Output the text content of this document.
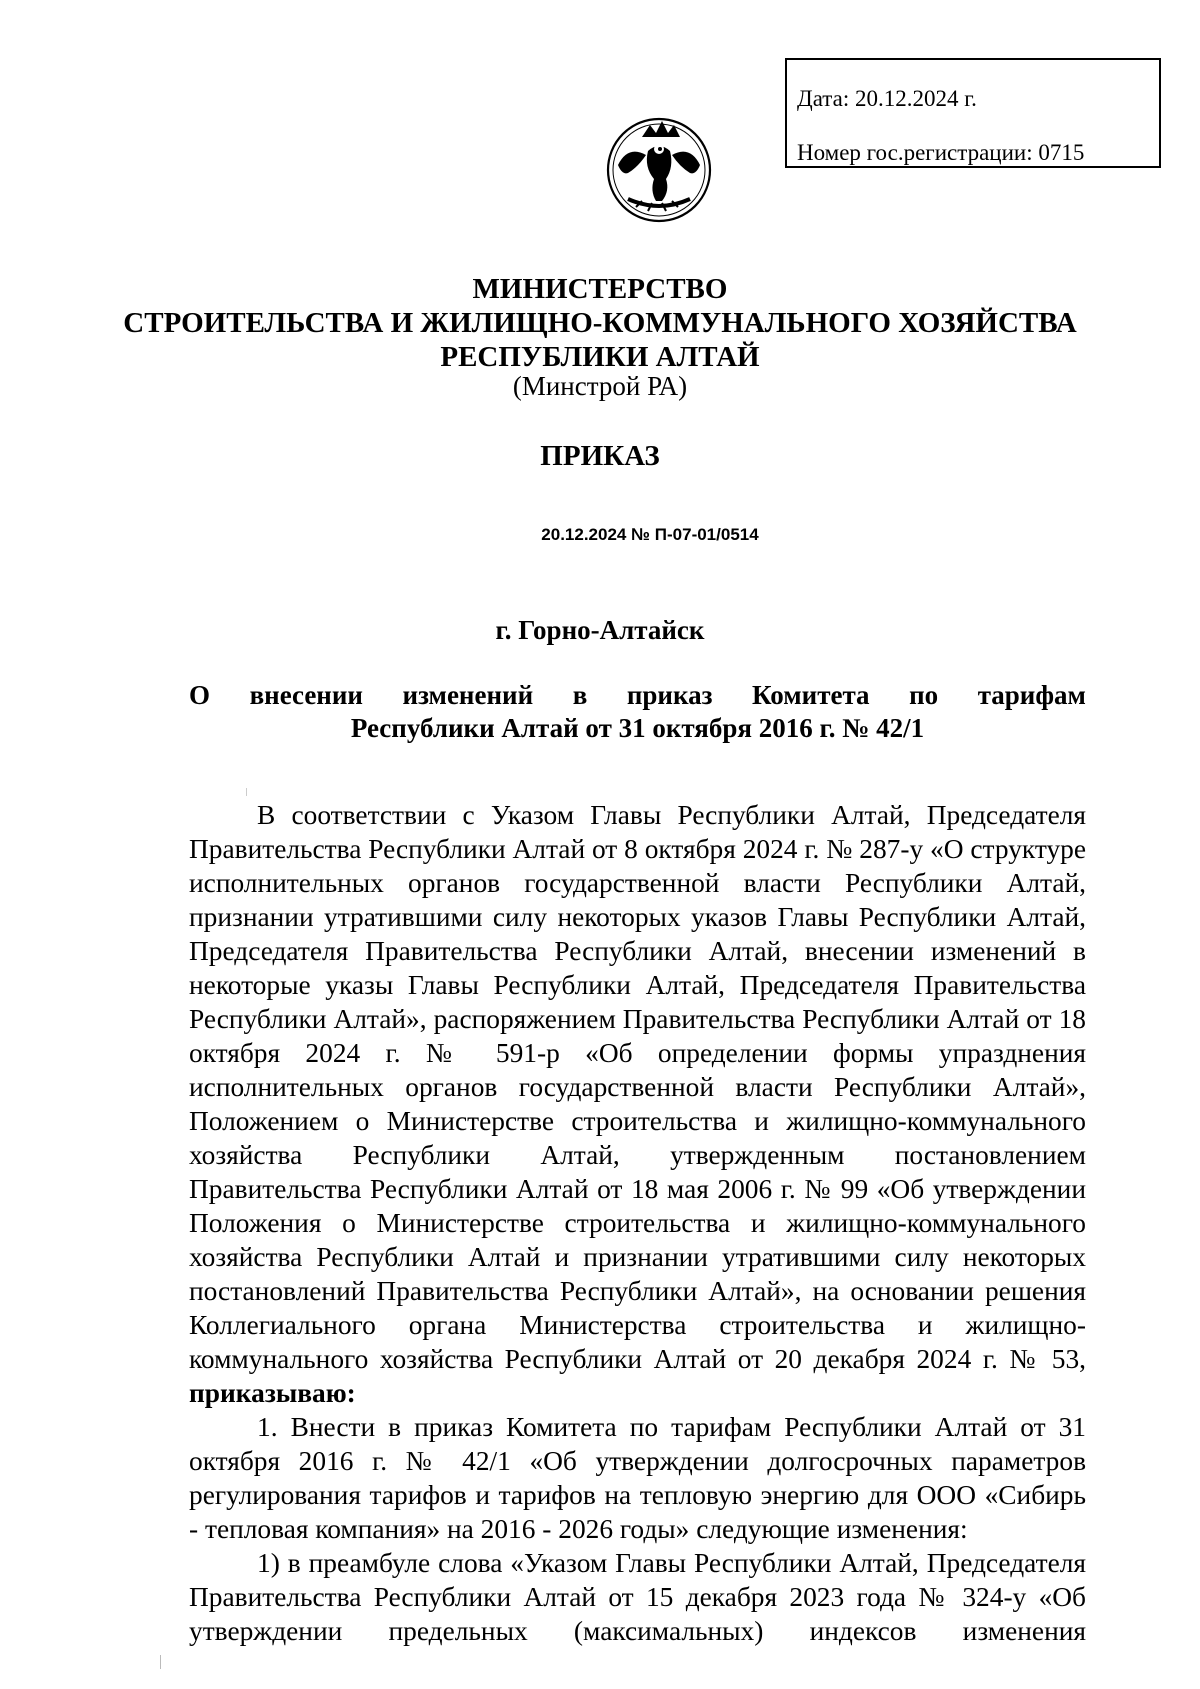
Дата: 20.12.2024 г.
Номер гос.регистрации: 0715
МИНИСТЕРСТВО
СТРОИТЕЛЬСТВА И ЖИЛИЩНО-КОММУНАЛЬНОГО ХОЗЯЙСТВА
РЕСПУБЛИКИ АЛТАЙ
(Минстрой РА)
ПРИКАЗ
20.12.2024 № П-07-01/0514
г. Горно-Алтайск
О внесении изменений в приказ Комитета по тарифам
Республики Алтай от 31 октября 2016 г. № 42/1

В соответствии с Указом Главы Республики Алтай, Председателя Правительства Республики Алтай от 8 октября 2024 г. № 287-у «О структуре исполнительных органов государственной власти Республики Алтай, признании утратившими силу некоторых указов Главы Республики Алтай, Председателя Правительства Республики Алтай, внесении изменений в некоторые указы Главы Республики Алтай, Председателя Правительства Республики Алтай», распоряжением Правительства Республики Алтай от 18 октября 2024 г. № 591-р «Об определении формы упразднения исполнительных органов государственной власти Республики Алтай», Положением о Министерстве строительства и жилищно-коммунального хозяйства Республики Алтай, утвержденным постановлением Правительства Республики Алтай от 18 мая 2006 г. № 99 «Об утверждении Положения о Министерстве строительства и жилищно-коммунального хозяйства Республики Алтай и признании утратившими силу некоторых постановлений Правительства Республики Алтай», на основании решения Коллегиального органа Министерства строительства и жилищно-коммунального хозяйства Республики Алтай от 20 декабря 2024 г. № 53, приказываю:

1. Внести в приказ Комитета по тарифам Республики Алтай от 31 октября 2016 г. № 42/1 «Об утверждении долгосрочных параметров регулирования тарифов и тарифов на тепловую энергию для ООО «Сибирь - тепловая компания» на 2016 - 2026 годы» следующие изменения:

1) в преамбуле слова «Указом Главы Республики Алтай, Председателя Правительства Республики Алтай от 15 декабря 2023 года № 324-у «Об утверждении предельных (максимальных) индексов изменения
